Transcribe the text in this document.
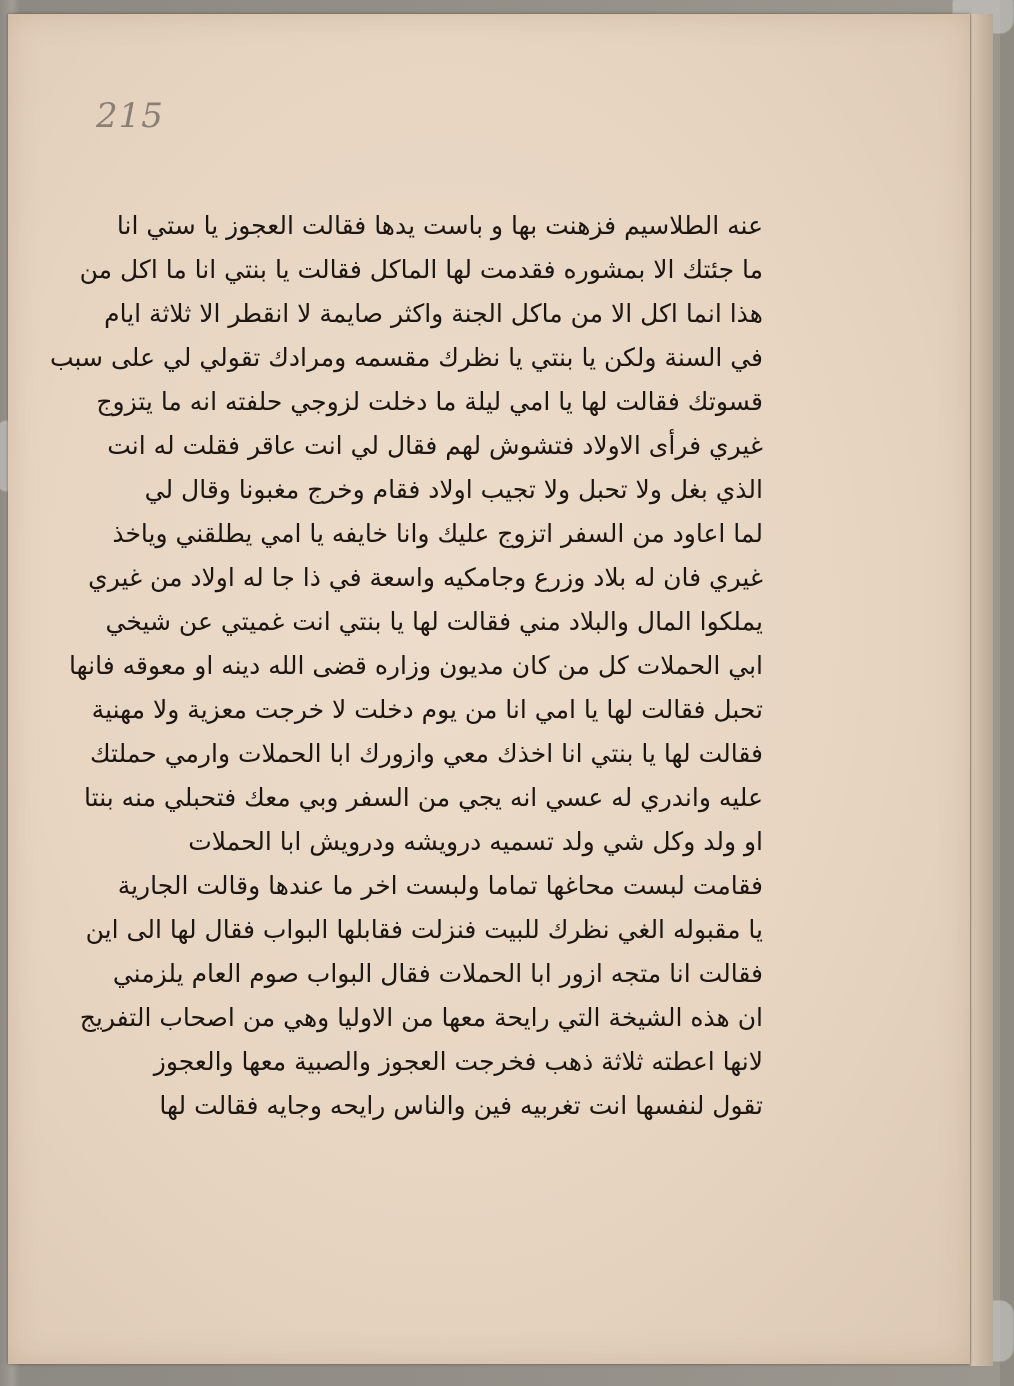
215
عنه الطلاسيم فزهنت بها و باست يدها فقالت العجوز يا ستي انا
ما جئتك الا بمشوره فقدمت لها الماكل فقالت يا بنتي انا ما اكل من
هذا انما اكل الا من ماكل الجنة واكثر صايمة لا انقطر الا ثلاثة ايام
في السنة ولكن يا بنتي يا نظرك مقسمه ومرادك تقولي لي على سبب
قسوتك فقالت لها يا امي ليلة ما دخلت لزوجي حلفته انه ما يتزوج
غيري فرأى الاولاد فتشوش لهم فقال لي انت عاقر فقلت له انت
الذي بغل ولا تحبل ولا تجيب اولاد فقام وخرج مغبونا وقال لي
لما اعاود من السفر اتزوج عليك وانا خايفه يا امي يطلقني وياخذ
غيري فان له بلاد وزرع وجامكيه واسعة في ذا جا له اولاد من غيري
يملكوا المال والبلاد مني فقالت لها يا بنتي انت غميتي عن شيخي
ابي الحملات كل من كان مديون وزاره قضى الله دينه او معوقه فانها
تحبل فقالت لها يا امي انا من يوم دخلت لا خرجت معزية ولا مهنية
فقالت لها يا بنتي انا اخذك معي وازورك ابا الحملات وارمي حملتك
عليه واندري له عسي انه يجي من السفر وبي معك فتحبلي منه بنتا
او ولد وكل شي ولد تسميه درويشه ودرويش ابا الحملات
فقامت لبست محاغها تماما ولبست اخر ما عندها وقالت الجارية
يا مقبوله الغي نظرك للبيت فنزلت فقابلها البواب فقال لها الى اين
فقالت انا متجه ازور ابا الحملات فقال البواب صوم العام يلزمني
ان هذه الشيخة التي رايحة معها من الاوليا وهي من اصحاب التفريج
لانها اعطته ثلاثة ذهب فخرجت العجوز والصبية معها والعجوز
تقول لنفسها انت تغربيه فين والناس رايحه وجايه فقالت لها
